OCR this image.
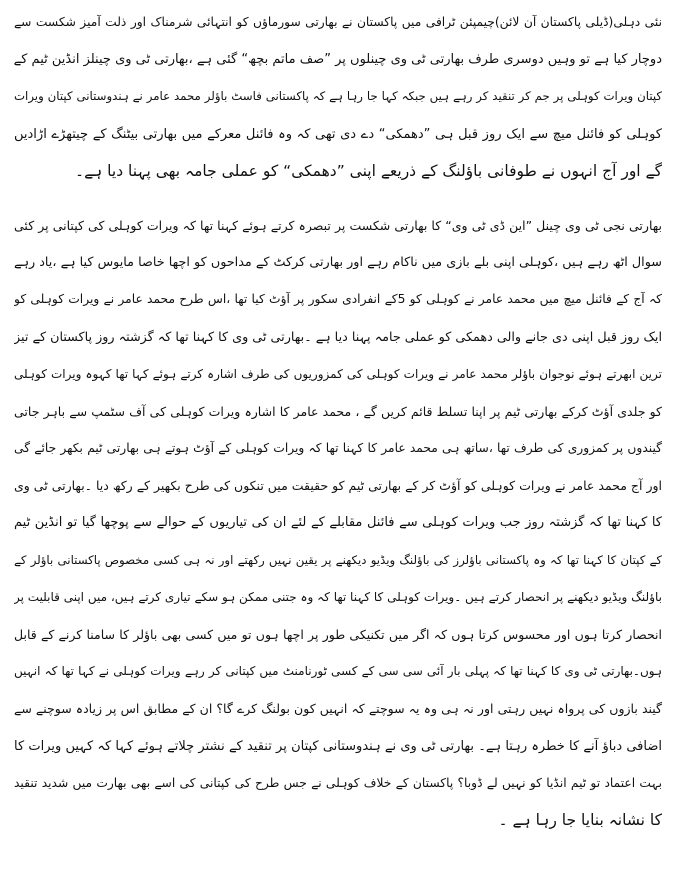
نئی دہلی(ڈیلی پاکستان آن لائن)چیمپئن ٹرافی میں پاکستان نے بھارتی سورماﺅں کو انتہائی شرمناک اور ذلت آمیز شکست سے
دوچار کیا ہے تو وہیں دوسری طرف بھارتی ٹی وی چینلوں پر ”صف ماتم بچھ“ گئی ہے ،بھارتی ٹی وی چینلز انڈین ٹیم کے
کپتان ویرات کوہلی پر جم کر تنقید کر رہے ہیں جبکہ کہا جا رہا ہے کہ پاکستانی فاسٹ باﺅلر محمد عامر نے ہندوستانی کپتان ویرات
کوہلی کو فائنل میچ سے ایک روز قبل ہی ”دھمکی“ دے دی تھی کہ وہ فائنل معرکے میں بھارتی بیٹنگ کے چیتھڑے اڑادیں
گے اور آج انہوں نے طوفانی باﺅلنگ کے ذریعے اپنی ”دھمکی“ کو عملی جامہ بھی پہنا دیا ہے۔
بھارتی نجی ٹی وی چینل ”این ڈی ٹی وی“ کا بھارتی شکست پر تبصرہ کرتے ہوئے کہنا تھا کہ ویرات کوہلی کی کپتانی پر کئی
سوال اٹھ رہے ہیں ،کوہلی اپنی بلے بازی میں ناکام رہے اور بھارتی کرکٹ کے مداحوں کو اچھا خاصا مایوس کیا ہے ،یاد رہے
کہ آج کے فائنل میچ میں محمد عامر نے کوہلی کو 5کے انفرادی سکور پر آﺅٹ کیا تھا ،اس طرح محمد عامر نے ویرات کوہلی کو
ایک روز قبل اپنی دی جانے والی دھمکی کو عملی جامہ پہنا دیا ہے ۔بھارتی ٹی وی کا کہنا تھا کہ گزشتہ روز پاکستان کے تیز
ترین ابھرتے ہوئے نوجوان باﺅلر محمد عامر نے ویرات کوہلی کی کمزوریوں کی طرف اشارہ کرتے ہوئے کہا تھا کہوہ ویرات کوہلی
کو جلدی آﺅٹ کرکے بھارتی ٹیم پر اپنا تسلط قائم کریں گے ، محمد عامر کا اشارہ ویرات کوہلی کی آف سٹمپ سے باہر جاتی
گیندوں پر کمزوری کی طرف تھا ،ساتھ ہی محمد عامر کا کہنا تھا کہ ویرات کوہلی کے آﺅٹ ہوتے ہی بھارتی ٹیم بکھر جائے گی
اور آج محمد عامر نے ویرات کوہلی کو آﺅٹ کر کے بھارتی ٹیم کو حقیقت میں تنکوں کی طرح بکھیر کے رکھ دیا ۔بھارتی ٹی وی
کا کہنا تھا کہ گزشتہ روز جب ویرات کوہلی سے فائنل مقابلے کے لئے ان کی تیاریوں کے حوالے سے پوچھا گیا تو انڈین ٹیم
کے کپتان کا کہنا تھا کہ وہ پاکستانی باﺅلرز کی باﺅلنگ ویڈیو دیکھنے پر یقین نہیں رکھتے اور نہ ہی کسی مخصوص پاکستانی باﺅلر کے
باﺅلنگ ویڈیو دیکھنے پر انحصار کرتے ہیں ۔ویرات کوہلی کا کہنا تھا کہ وہ جتنی ممکن ہو سکے تیاری کرتے ہیں، میں اپنی قابلیت پر
انحصار کرتا ہوں اور محسوس کرتا ہوں کہ اگر میں تکنیکی طور پر اچھا ہوں تو میں کسی بھی باﺅلر کا سامنا کرنے کے قابل
ہوں۔بھارتی ٹی وی کا کہنا تھا کہ پہلی بار آئی سی سی کے کسی ٹورنامنٹ میں کپتانی کر رہے ویرات کوہلی نے کہا تھا کہ انہیں
گیند بازوں کی پرواہ نہیں رہتی اور نہ ہی وہ یہ سوچتے کہ انہیں کون بولنگ کرے گا؟ ان کے مطابق اس پر زیادہ سوچنے سے
اضافی دباﺅ آنے کا خطرہ رہتا ہے۔ بھارتی ٹی وی نے ہندوستانی کپتان پر تنقید کے نشتر چلاتے ہوئے کہا کہ کہیں ویرات کا
بہت اعتماد تو ٹیم انڈیا کو نہیں لے ڈوبا؟ پاکستان کے خلاف کوہلی نے جس طرح کی کپتانی کی اسے بھی بھارت میں شدید تنقید
کا نشانہ بنایا جا رہا ہے ۔
